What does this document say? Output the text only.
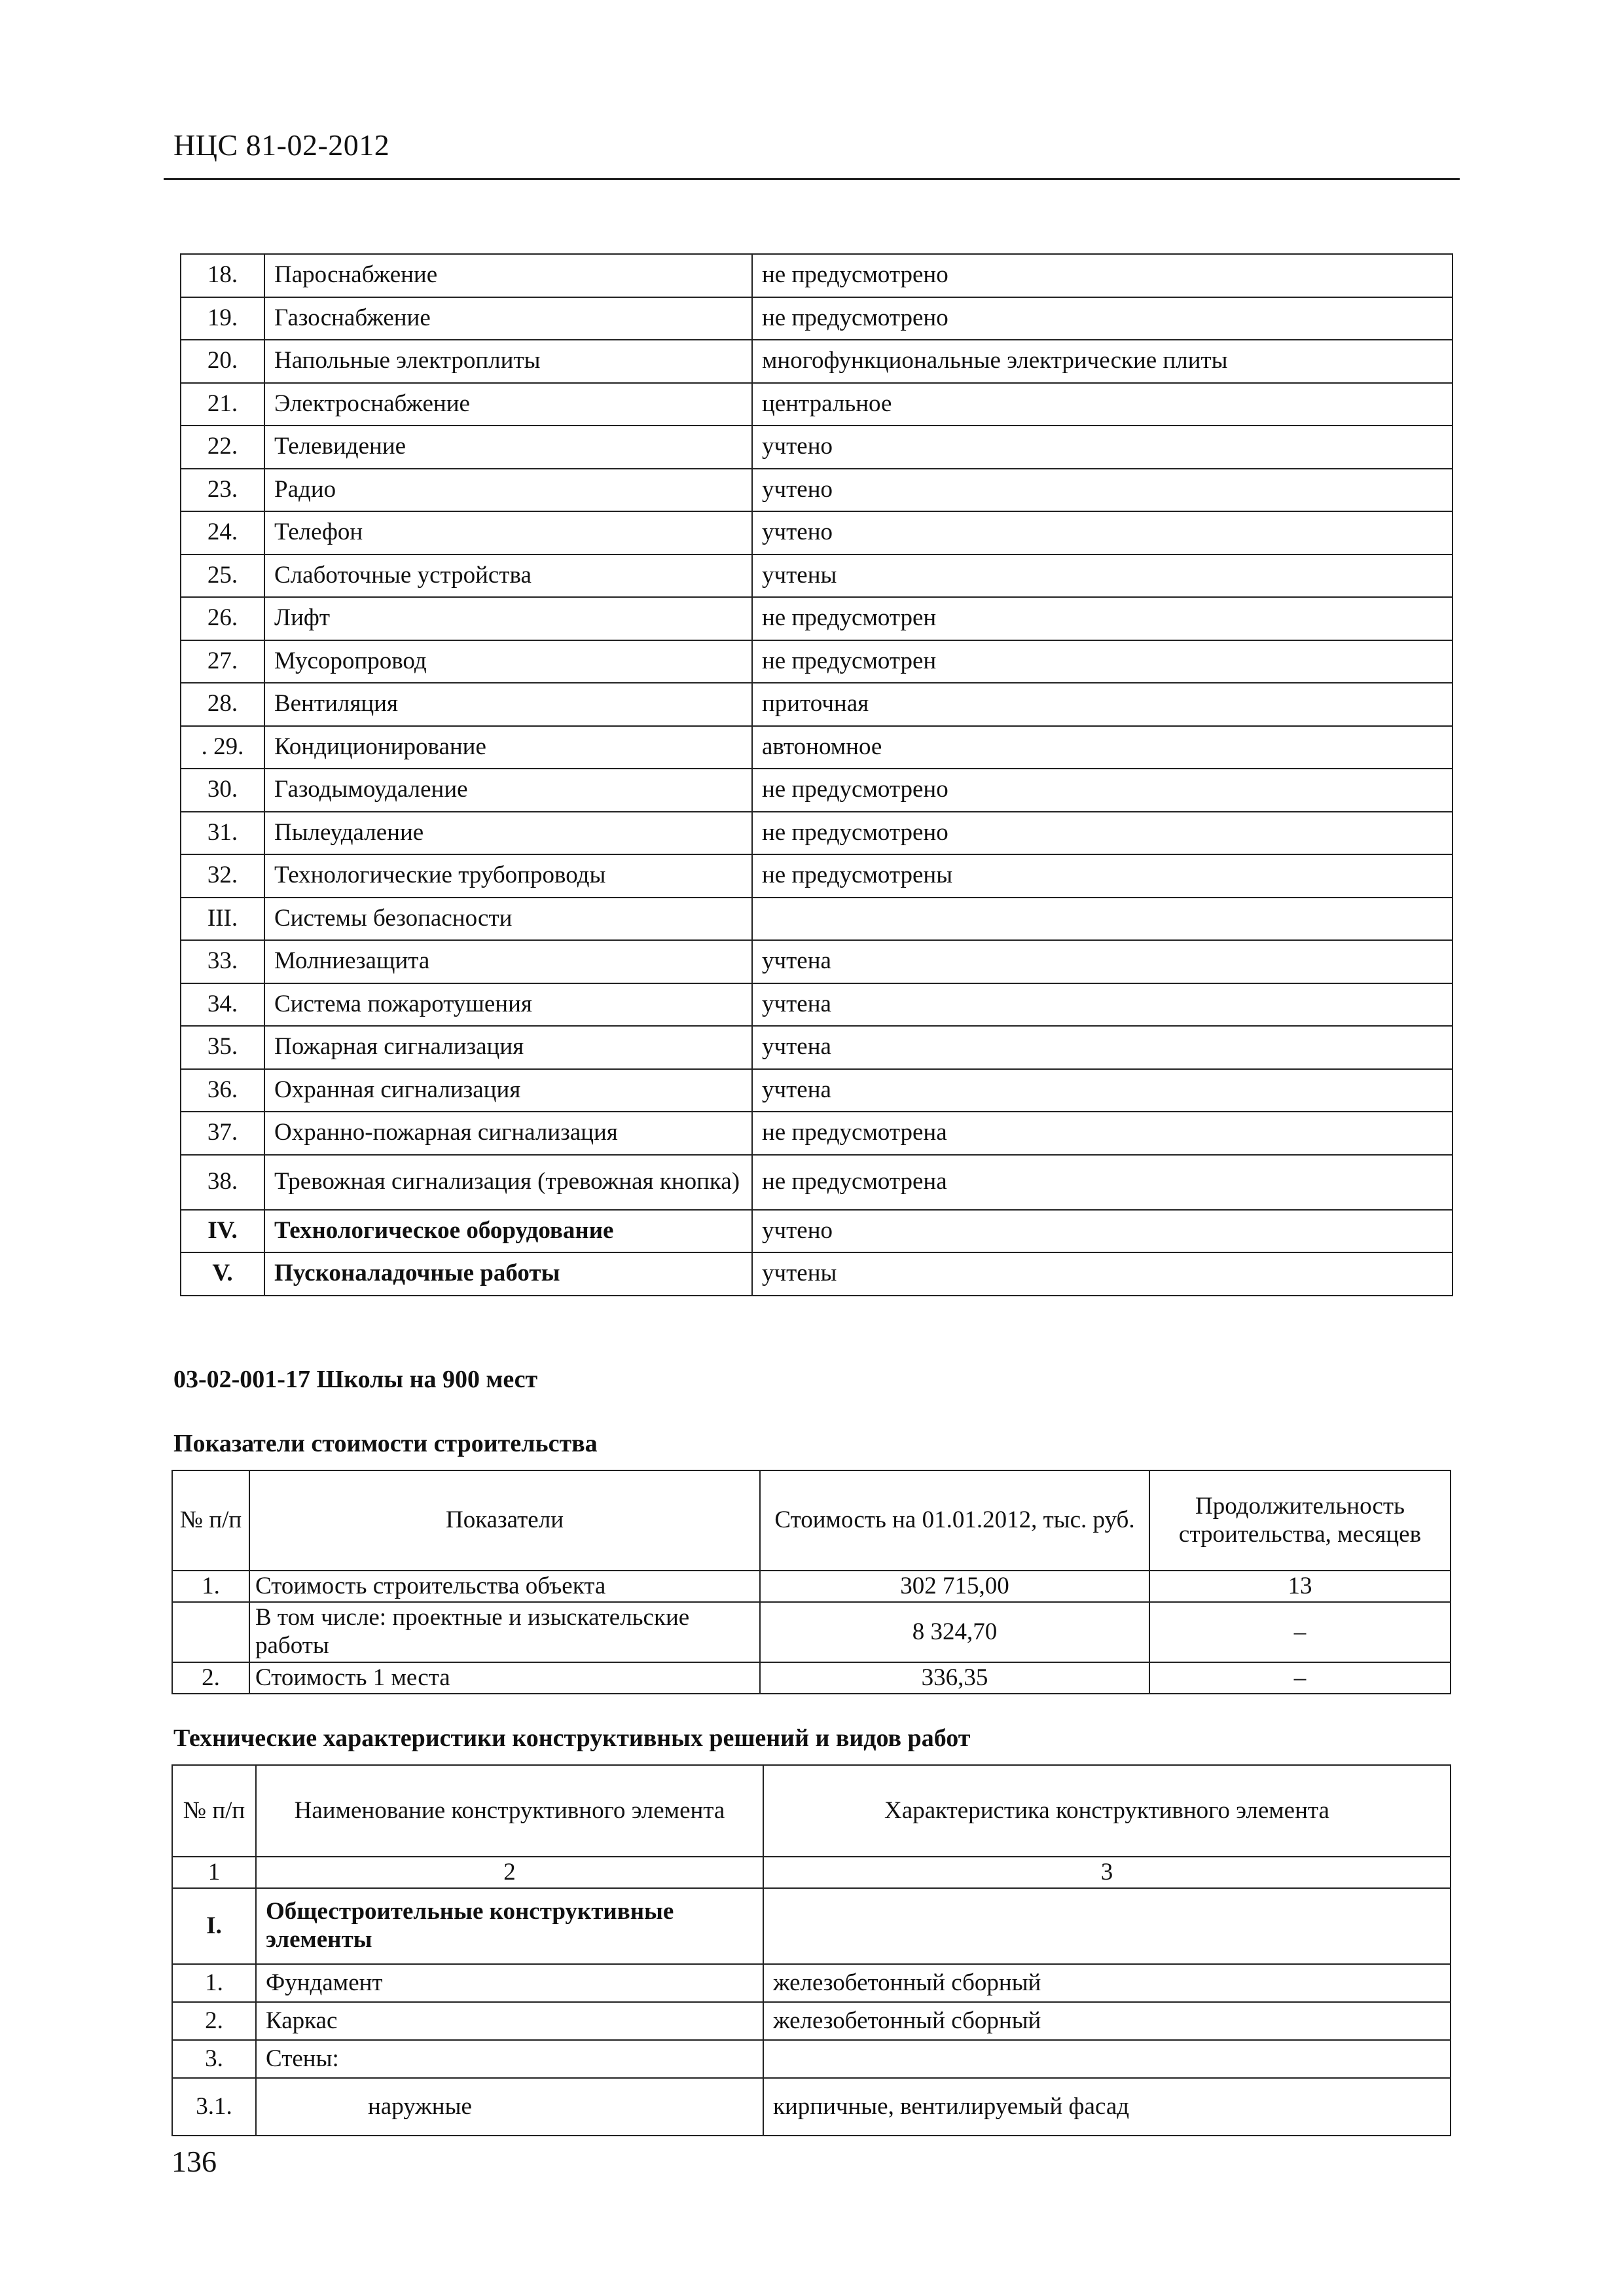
НЦС 81-02-2012
18.	Пароснабжение	не предусмотрено
19.	Газоснабжение	не предусмотрено
20.	Напольные электроплиты	многофункциональные электрические плиты
21.	Электроснабжение	центральное
22.	Телевидение	учтено
23.	Радио	учтено
24.	Телефон	учтено
25.	Слаботочные устройства	учтены
26.	Лифт	не предусмотрен
27.	Мусоропровод	не предусмотрен
28.	Вентиляция	приточная
. 29.	Кондиционирование	автономное
30.	Газодымоудаление	не предусмотрено
31.	Пылеудаление	не предусмотрено
32.	Технологические трубопроводы	не предусмотрены
III.	Системы безопасности	
33.	Молниезащита	учтена
34.	Система пожаротушения	учтена
35.	Пожарная сигнализация	учтена
36.	Охранная сигнализация	учтена
37.	Охранно-пожарная сигнализация	не предусмотрена
38.	Тревожная сигнализация (тревожная кнопка)	не предусмотрена
IV.	Технологическое оборудование	учтено
V.	Пусконаладочные работы	учтены
03-02-001-17 Школы на 900 мест
Показатели стоимости строительства
№ п/п	Показатели	Стоимость на 01.01.2012, тыс. руб.	Продолжительность строительства, месяцев
1.	Стоимость строительства объекта	302 715,00	13
	В том числе: проектные и изыскательские работы	8 324,70	–
2.	Стоимость 1 места	336,35	–
Технические характеристики конструктивных решений и видов работ
№ п/п	Наименование конструктивного элемента	Характеристика конструктивного элемента
1	2	3
I.	Общестроительные конструктивные элементы	
1.	Фундамент	железобетонный сборный
2.	Каркас	железобетонный сборный
3.	Стены:	
3.1.	наружные	кирпичные, вентилируемый фасад
136
